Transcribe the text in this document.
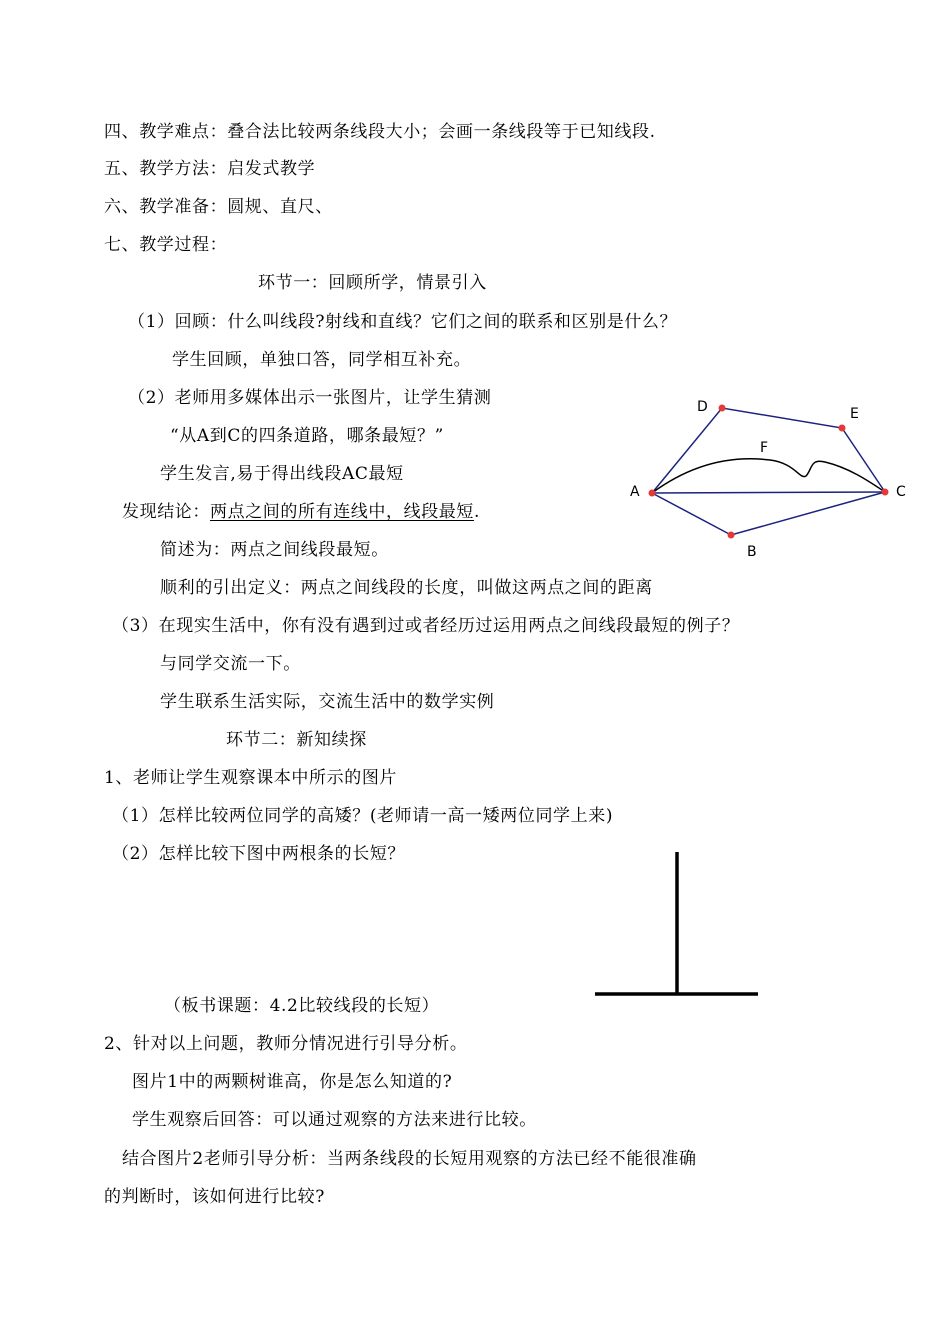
四、教学难点：叠合法比较两条线段大小；会画一条线段等于已知线段.
五、教学方法：启发式教学
六、教学准备：圆规、直尺、
七、教学过程：
环节一：回顾所学，情景引入
（1）回顾：什么叫线段?射线和直线？它们之间的联系和区别是什么？
学生回顾，单独口答，同学相互补充。
（2）老师用多媒体出示一张图片，让学生猜测
“从A到C的四条道路，哪条最短？”
学生发言,易于得出线段AC最短
发现结论：两点之间的所有连线中，线段最短.
简述为：两点之间线段最短。
顺利的引出定义：两点之间线段的长度，叫做这两点之间的距离
（3）在现实生活中，你有没有遇到过或者经历过运用两点之间线段最短的例子？
与同学交流一下。
学生联系生活实际，交流生活中的数学实例
环节二：新知续探
1、老师让学生观察课本中所示的图片
（1）怎样比较两位同学的高矮？(老师请一高一矮两位同学上来)
（2）怎样比较下图中两根条的长短？
（板书课题：4.2比较线段的长短）
2、针对以上问题，教师分情况进行引导分析。
图片1中的两颗树谁高，你是怎么知道的?
学生观察后回答：可以通过观察的方法来进行比较。
结合图片2老师引导分析：当两条线段的长短用观察的方法已经不能很准确
的判断时，该如何进行比较?
A
B
C
D	E
F
